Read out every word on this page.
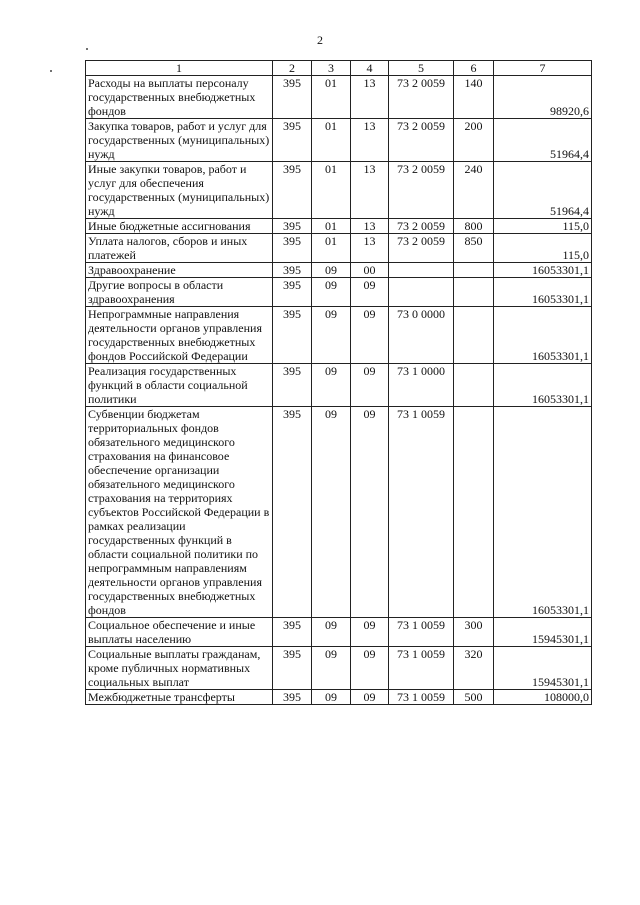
2
1	2	3	4	5	6	7
Расходы на выплаты персоналу государственных внебюджетных фондов	395	01	13	73 2 0059	140	98920,6
Закупка товаров, работ и услуг для государственных (муниципальных) нужд	395	01	13	73 2 0059	200	51964,4
Иные закупки товаров, работ и услуг для обеспечения государственных (муниципальных) нужд	395	01	13	73 2 0059	240	51964,4
Иные бюджетные ассигнования	395	01	13	73 2 0059	800	115,0
Уплата налогов, сборов и иных платежей	395	01	13	73 2 0059	850	115,0
Здравоохранение	395	09	00			16053301,1
Другие вопросы в области здравоохранения	395	09	09			16053301,1
Непрограммные направления деятельности органов управления государственных внебюджетных фондов Российской Федерации	395	09	09	73 0 0000		16053301,1
Реализация государственных функций в области социальной политики	395	09	09	73 1 0000		16053301,1
Субвенции бюджетам территориальных фондов обязательного медицинского страхования на финансовое обеспечение организации обязательного медицинского страхования на территориях субъектов Российской Федерации в рамках реализации государственных функций в области социальной политики по непрограммным направлениям деятельности органов управления государственных внебюджетных фондов	395	09	09	73 1 0059		16053301,1
Социальное обеспечение и иные выплаты населению	395	09	09	73 1 0059	300	15945301,1
Социальные выплаты гражданам, кроме публичных нормативных социальных выплат	395	09	09	73 1 0059	320	15945301,1
Межбюджетные трансферты	395	09	09	73 1 0059	500	108000,0
